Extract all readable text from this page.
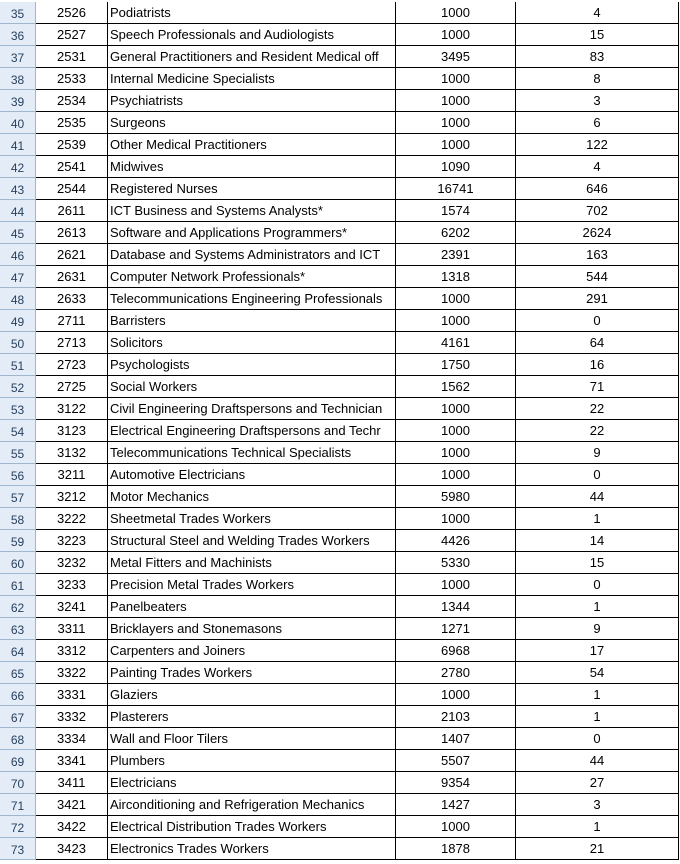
35	2526	Podiatrists	1000	4
36	2527	Speech Professionals and Audiologists	1000	15
37	2531	General Practitioners and Resident Medical off	3495	83
38	2533	Internal Medicine Specialists	1000	8
39	2534	Psychiatrists	1000	3
40	2535	Surgeons	1000	6
41	2539	Other Medical Practitioners	1000	122
42	2541	Midwives	1090	4
43	2544	Registered Nurses	16741	646
44	2611	ICT Business and Systems Analysts*	1574	702
45	2613	Software and Applications Programmers*	6202	2624
46	2621	Database and Systems Administrators and ICT	2391	163
47	2631	Computer Network Professionals*	1318	544
48	2633	Telecommunications Engineering Professionals	1000	291
49	2711	Barristers	1000	0
50	2713	Solicitors	4161	64
51	2723	Psychologists	1750	16
52	2725	Social Workers	1562	71
53	3122	Civil Engineering Draftspersons and Technician	1000	22
54	3123	Electrical Engineering Draftspersons and Techr	1000	22
55	3132	Telecommunications Technical Specialists	1000	9
56	3211	Automotive Electricians	1000	0
57	3212	Motor Mechanics	5980	44
58	3222	Sheetmetal Trades Workers	1000	1
59	3223	Structural Steel and Welding Trades Workers	4426	14
60	3232	Metal Fitters and Machinists	5330	15
61	3233	Precision Metal Trades Workers	1000	0
62	3241	Panelbeaters	1344	1
63	3311	Bricklayers and Stonemasons	1271	9
64	3312	Carpenters and Joiners	6968	17
65	3322	Painting Trades Workers	2780	54
66	3331	Glaziers	1000	1
67	3332	Plasterers	2103	1
68	3334	Wall and Floor Tilers	1407	0
69	3341	Plumbers	5507	44
70	3411	Electricians	9354	27
71	3421	Airconditioning and Refrigeration Mechanics	1427	3
72	3422	Electrical Distribution Trades Workers	1000	1
73	3423	Electronics Trades Workers	1878	21
